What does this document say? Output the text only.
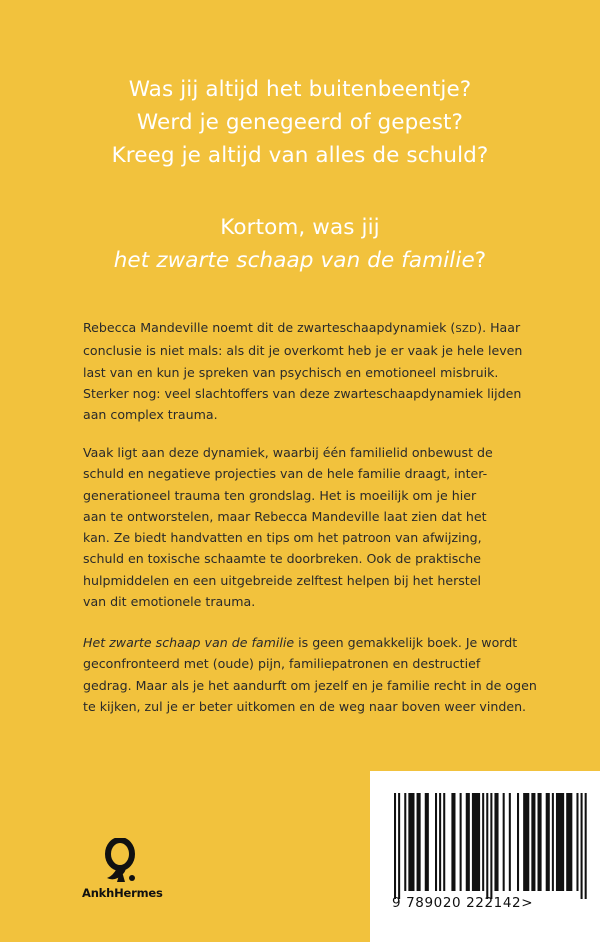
Was jij altijd het buitenbeentje?
Werd je genegeerd of gepest?
Kreeg je altijd van alles de schuld?
Kortom, was jij
het zwarte schaap van de familie?
Rebecca Mandeville noemt dit de zwarteschaapdynamiek (SZD). Haar
conclusie is niet mals: als dit je overkomt heb je er vaak je hele leven
last van en kun je spreken van psychisch en emotioneel misbruik.
Sterker nog: veel slachtoffers van deze zwarteschaapdynamiek lijden
aan complex trauma.
Vaak ligt aan deze dynamiek, waarbij één familielid onbewust de
schuld en negatieve projecties van de hele familie draagt, inter-
generationeel trauma ten grondslag. Het is moeilijk om je hier
aan te ontworstelen, maar Rebecca Mandeville laat zien dat het
kan. Ze biedt handvatten en tips om het patroon van afwijzing,
schuld en toxische schaamte te doorbreken. Ook de praktische
hulpmiddelen en een uitgebreide zelftest helpen bij het herstel
van dit emotionele trauma.
Het zwarte schaap van de familie is geen gemakkelijk boek. Je wordt
geconfronteerd met (oude) pijn, familiepatronen en destructief
gedrag. Maar als je het aandurft om jezelf en je familie recht in de ogen
te kijken, zul je er beter uitkomen en de weg naar boven weer vinden.
AnkhHermes
9 789020 222142>
